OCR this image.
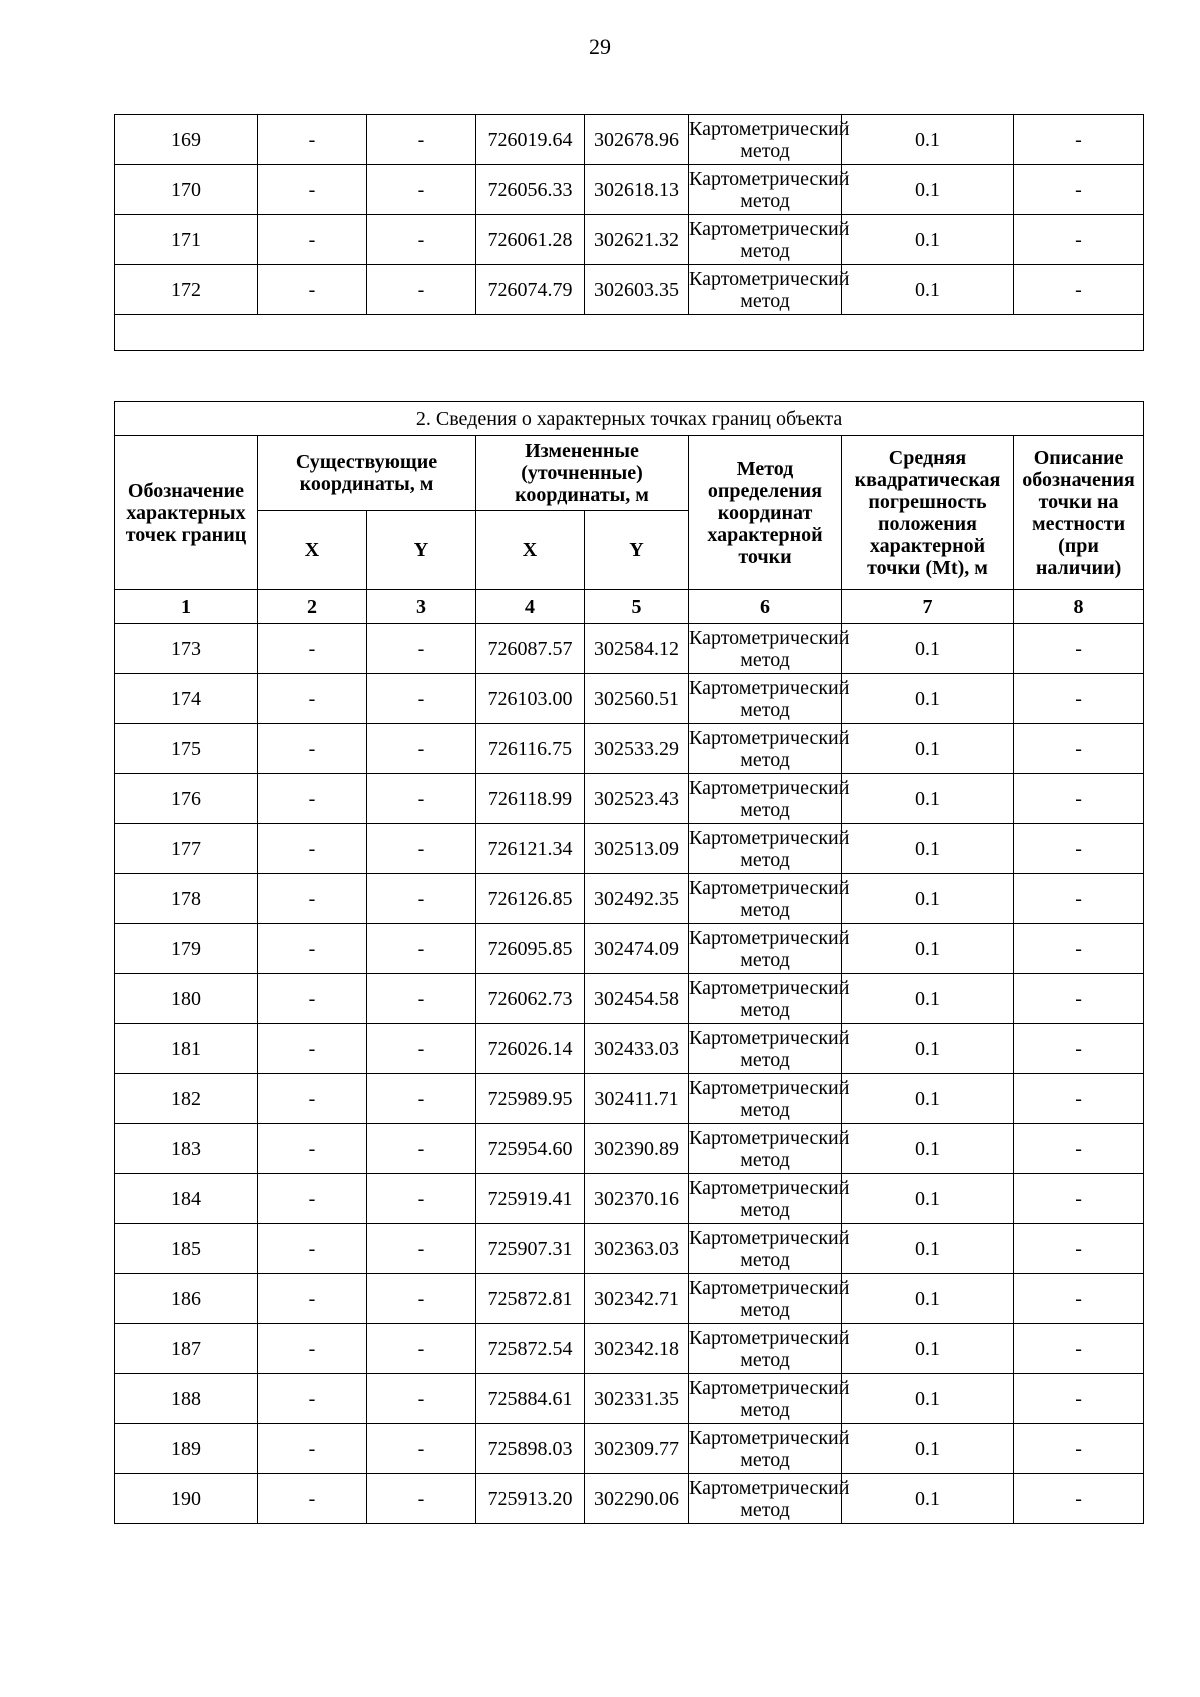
29
169	-	-	726019.64	302678.96	Картометрический метод	0.1	-
170	-	-	726056.33	302618.13	Картометрический метод	0.1	-
171	-	-	726061.28	302621.32	Картометрический метод	0.1	-
172	-	-	726074.79	302603.35	Картометрический метод	0.1	-

2. Сведения о характерных точках границ объекта							
Обозначение характерных точек границ	Существующие координаты, м		Измененные (уточненные) координаты, м		Метод определения координат характерной точки	Средняя квадратическая погрешность положения характерной точки (Mt), м	Описание обозначения точки на местности (при наличии)
	X	Y	X	Y			
1	2	3	4	5	6	7	8
173	-	-	726087.57	302584.12	Картометрический метод	0.1	-
174	-	-	726103.00	302560.51	Картометрический метод	0.1	-
175	-	-	726116.75	302533.29	Картометрический метод	0.1	-
176	-	-	726118.99	302523.43	Картометрический метод	0.1	-
177	-	-	726121.34	302513.09	Картометрический метод	0.1	-
178	-	-	726126.85	302492.35	Картометрический метод	0.1	-
179	-	-	726095.85	302474.09	Картометрический метод	0.1	-
180	-	-	726062.73	302454.58	Картометрический метод	0.1	-
181	-	-	726026.14	302433.03	Картометрический метод	0.1	-
182	-	-	725989.95	302411.71	Картометрический метод	0.1	-
183	-	-	725954.60	302390.89	Картометрический метод	0.1	-
184	-	-	725919.41	302370.16	Картометрический метод	0.1	-
185	-	-	725907.31	302363.03	Картометрический метод	0.1	-
186	-	-	725872.81	302342.71	Картометрический метод	0.1	-
187	-	-	725872.54	302342.18	Картометрический метод	0.1	-
188	-	-	725884.61	302331.35	Картометрический метод	0.1	-
189	-	-	725898.03	302309.77	Картометрический метод	0.1	-
190	-	-	725913.20	302290.06	Картометрический метод	0.1	-
